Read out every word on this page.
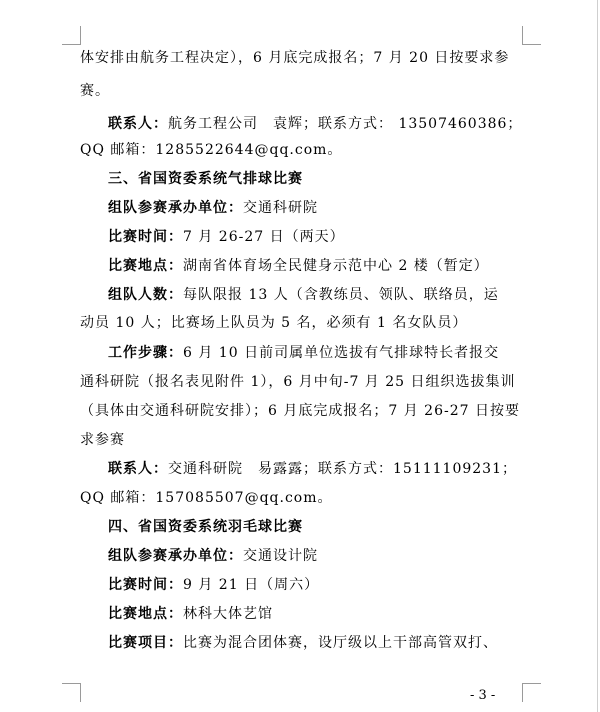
体安排由航务工程决定），6 月底完成报名；7 月 20 日按要求参
赛。
联系人：航务工程公司　袁辉；联系方式： 13507460386；
QQ 邮箱：1285522644@qq.com。
三、省国资委系统气排球比赛
组队参赛承办单位：交通科研院
比赛时间：7 月 26-27 日（两天）
比赛地点：湖南省体育场全民健身示范中心 2 楼（暂定）
组队人数：每队限报 13 人（含教练员、领队、联络员，运
动员 10 人；比赛场上队员为 5 名，必须有 1 名女队员）
工作步骤：6 月 10 日前司属单位选拔有气排球特长者报交
通科研院（报名表见附件 1），6 月中旬-7 月 25 日组织选拔集训
（具体由交通科研院安排）；6 月底完成报名；7 月 26-27 日按要
求参赛
联系人：交通科研院　易露露；联系方式：15111109231；
QQ 邮箱：157085507@qq.com。
四、省国资委系统羽毛球比赛
组队参赛承办单位：交通设计院
比赛时间：9 月 21 日（周六）
比赛地点：林科大体艺馆
比赛项目：比赛为混合团体赛，设厅级以上干部高管双打、
- 3 -
